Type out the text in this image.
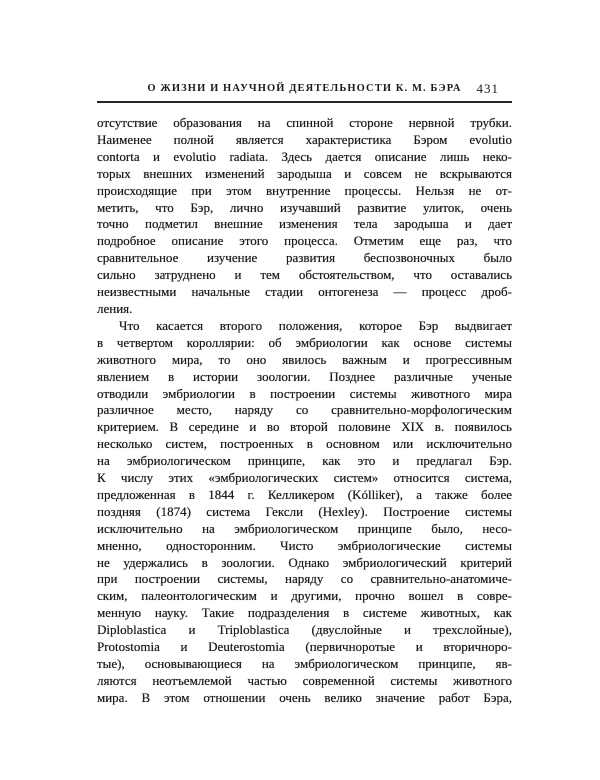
О ЖИЗНИ И НАУЧНОЙ ДЕЯТЕЛЬНОСТИ К. М. БЭРА	431
отсутствие образования на спинной стороне нервной трубки.
Наименее полной является характеристика Бэром evolutio
contorta и evolutio radiata. Здесь дается описание лишь неко-
торых внешних изменений зародыша и совсем не вскрываются
происходящие при этом внутренние процессы. Нельзя не от-
метить, что Бэр, лично изучавший развитие улиток, очень
точно подметил внешние изменения тела зародыша и дает
подробное описание этого процесса. Отметим еще раз, что
сравнительное изучение развития беспозвоночных было
сильно затруднено и тем обстоятельством, что оставались
неизвестными начальные стадии онтогенеза — процесс дроб-
ления.
Что касается второго положения, которое Бэр выдвигает
в четвертом короллярии: об эмбриологии как основе системы
животного мира, то оно явилось важным и прогрессивным
явлением в истории зоологии. Позднее различные ученые
отводили эмбриологии в построении системы животного мира
различное место, наряду со сравнительно-морфологическим
критерием. В середине и во второй половине XIX в. появилось
несколько систем, построенных в основном или исключительно
на эмбриологическом принципе, как это и предлагал Бэр.
К числу этих «эмбриологических систем» относится система,
предложенная в 1844 г. Келликером (Kólliker), а также более
поздняя (1874) система Гексли (Hexley). Построение системы
исключительно на эмбриологическом принципе было, несо-
мненно, односторонним. Чисто эмбриологические системы
не удержались в зоологии. Однако эмбриологический критерий
при построении системы, наряду со сравнительно-анатомиче-
ским, палеонтологическим и другими, прочно вошел в совре-
менную науку. Такие подразделения в системе животных, как
Diploblastica и Triploblastica (двуслойные и трехслойные),
Protostomia и Deuterostomia (первичноротые и вторичноро-
тые), основывающиеся на эмбриологическом принципе, яв-
ляются неотъемлемой частью современной системы животного
мира. В этом отношении очень велико значение работ Бэра,
